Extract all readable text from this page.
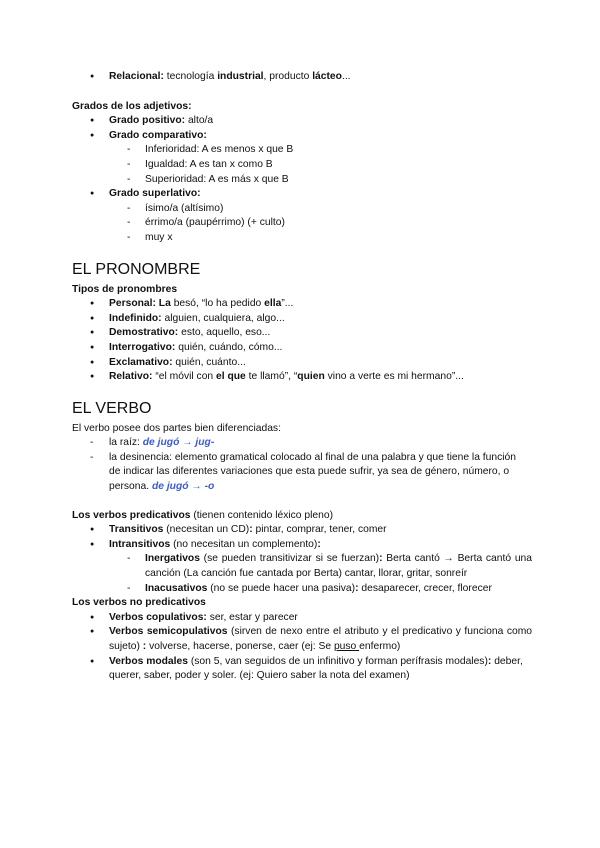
● Relacional: tecnología industrial, producto lácteo...
Grados de los adjetivos:
● Grado positivo: alto/a
● Grado comparativo:
- Inferioridad: A es menos x que B
- Igualdad: A es tan x como B
- Superioridad: A es más x que B
● Grado superlativo:
- ísimo/a (altísimo)
- érrimo/a (paupérrimo) (+ culto)
- muy x
EL PRONOMBRE
Tipos de pronombres
● Personal: La besó, “lo ha pedido ella”...
● Indefinido: alguien, cualquiera, algo...
● Demostrativo: esto, aquello, eso...
● Interrogativo: quién, cuándo, cómo...
● Exclamativo: quién, cuánto...
● Relativo: “el móvil con el que te llamó”, “quien vino a verte es mi hermano”...
EL VERBO
El verbo posee dos partes bien diferenciadas:
- la raíz: de jugó → jug-
- la desinencia: elemento gramatical colocado al final de una palabra y que tiene la función de indicar las diferentes variaciones que esta puede sufrir, ya sea de género, número, o persona. de jugó → -o
Los verbos predicativos (tienen contenido léxico pleno)
● Transitivos (necesitan un CD): pintar, comprar, tener, comer
● Intransitivos (no necesitan un complemento):
- Inergativos (se pueden transitivizar si se fuerzan): Berta cantó → Berta cantó una canción (La canción fue cantada por Berta) cantar, llorar, gritar, sonreír
- Inacusativos (no se puede hacer una pasiva): desaparecer, crecer, florecer
Los verbos no predicativos
● Verbos copulativos: ser, estar y parecer
● Verbos semicopulativos (sirven de nexo entre el atributo y el predicativo y funciona como sujeto) : volverse, hacerse, ponerse, caer (ej: Se puso enfermo)
● Verbos modales (son 5, van seguidos de un infinitivo y forman perífrasis modales): deber, querer, saber, poder y soler. (ej: Quiero saber la nota del examen)
